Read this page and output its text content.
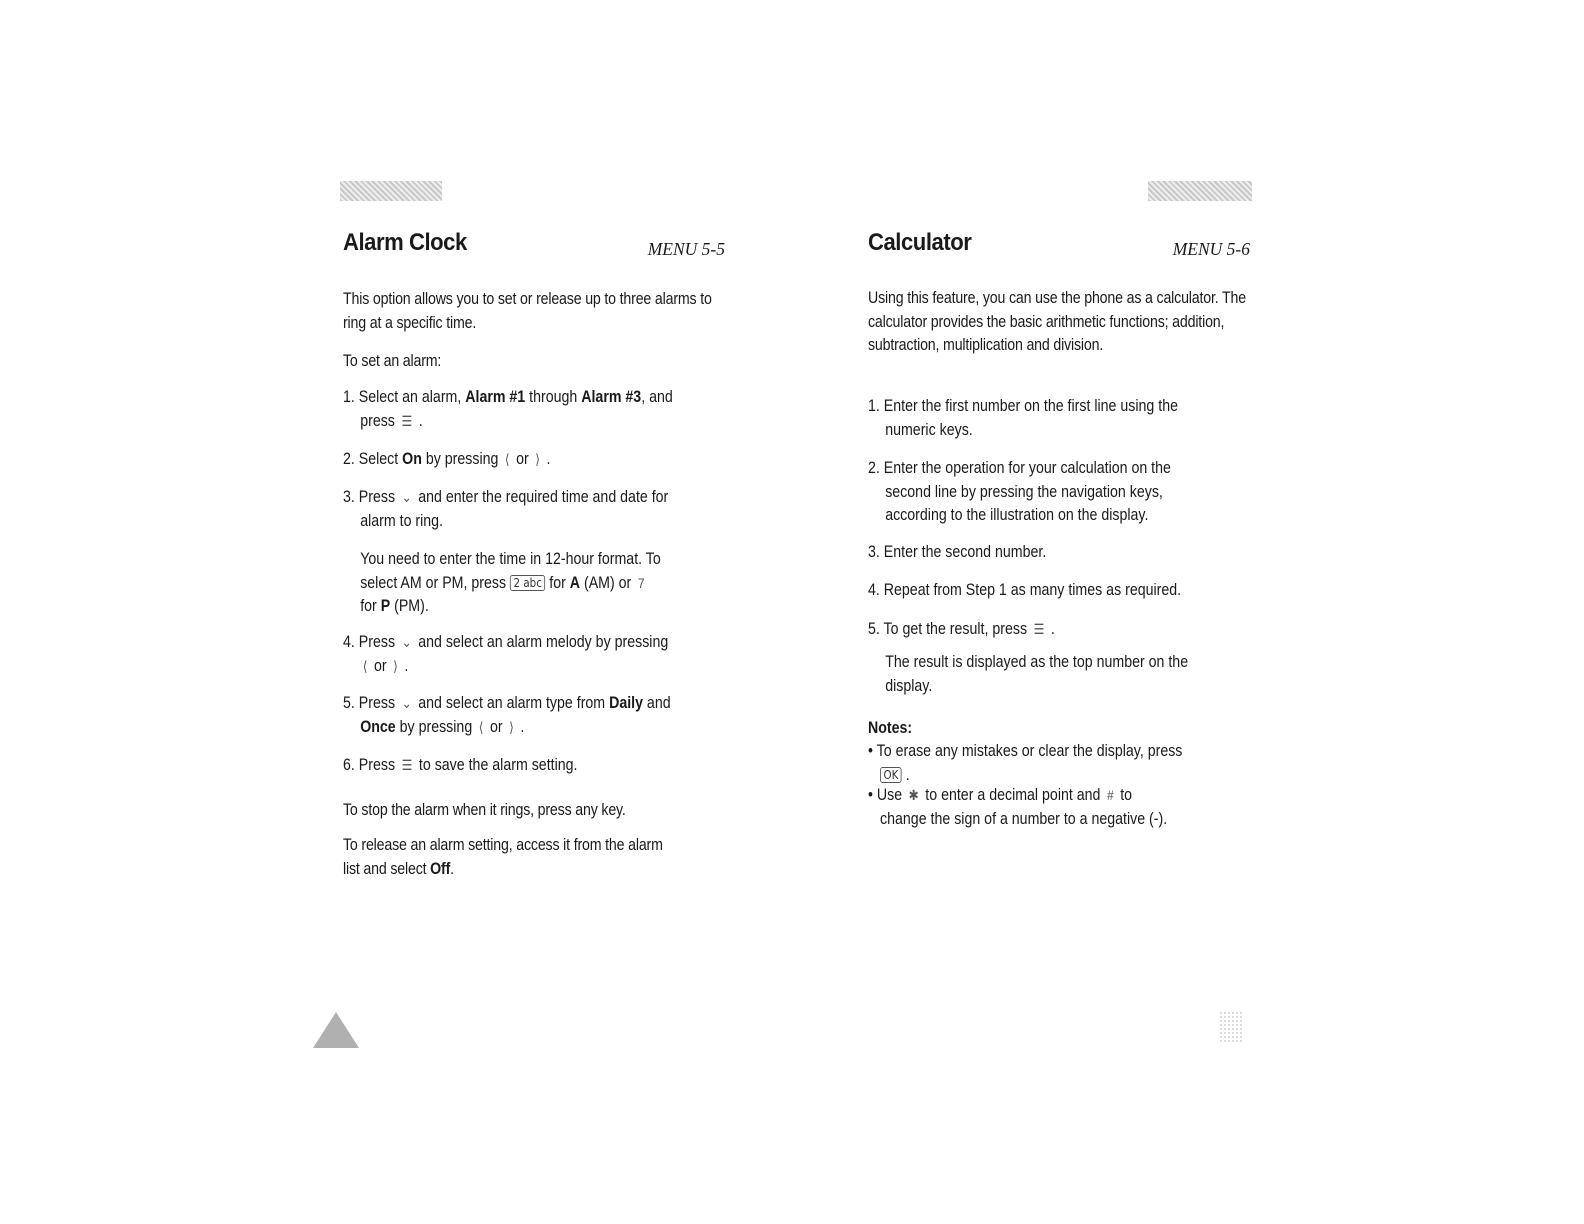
Alarm Clock	MENU 5-5
This option allows you to set or release up to three alarms to ring at a specific time.
To set an alarm:
1. Select an alarm, Alarm #1 through Alarm #3, and
press ☰ .
2. Select On by pressing ⟨ or ⟩ .
3. Press ⌄ and enter the required time and date for
alarm to ring.
You need to enter the time in 12-hour format. To
select AM or PM, press 2 abc for A (AM) or 7
for P (PM).
4. Press ⌄ and select an alarm melody by pressing
⟨ or ⟩ .
5. Press ⌄ and select an alarm type from Daily and
Once by pressing ⟨ or ⟩ .
6. Press ☰ to save the alarm setting.
To stop the alarm when it rings, press any key.

To release an alarm setting, access it from the alarm

list and select Off.

Calculator	MENU 5-6
Using this feature, you can use the phone as a calculator. The calculator provides the basic arithmetic functions; addition, subtraction, multiplication and division.
1. Enter the first number on the first line using the
numeric keys.
2. Enter the operation for your calculation on the
second line by pressing the navigation keys,
according to the illustration on the display.
3. Enter the second number.
4. Repeat from Step 1 as many times as required.
5. To get the result, press ☰ .
The result is displayed as the top number on the
display.
Notes:
• To erase any mistakes or clear the display, press
OK .
• Use ✱ to enter a decimal point and # to
change the sign of a number to a negative (-).
